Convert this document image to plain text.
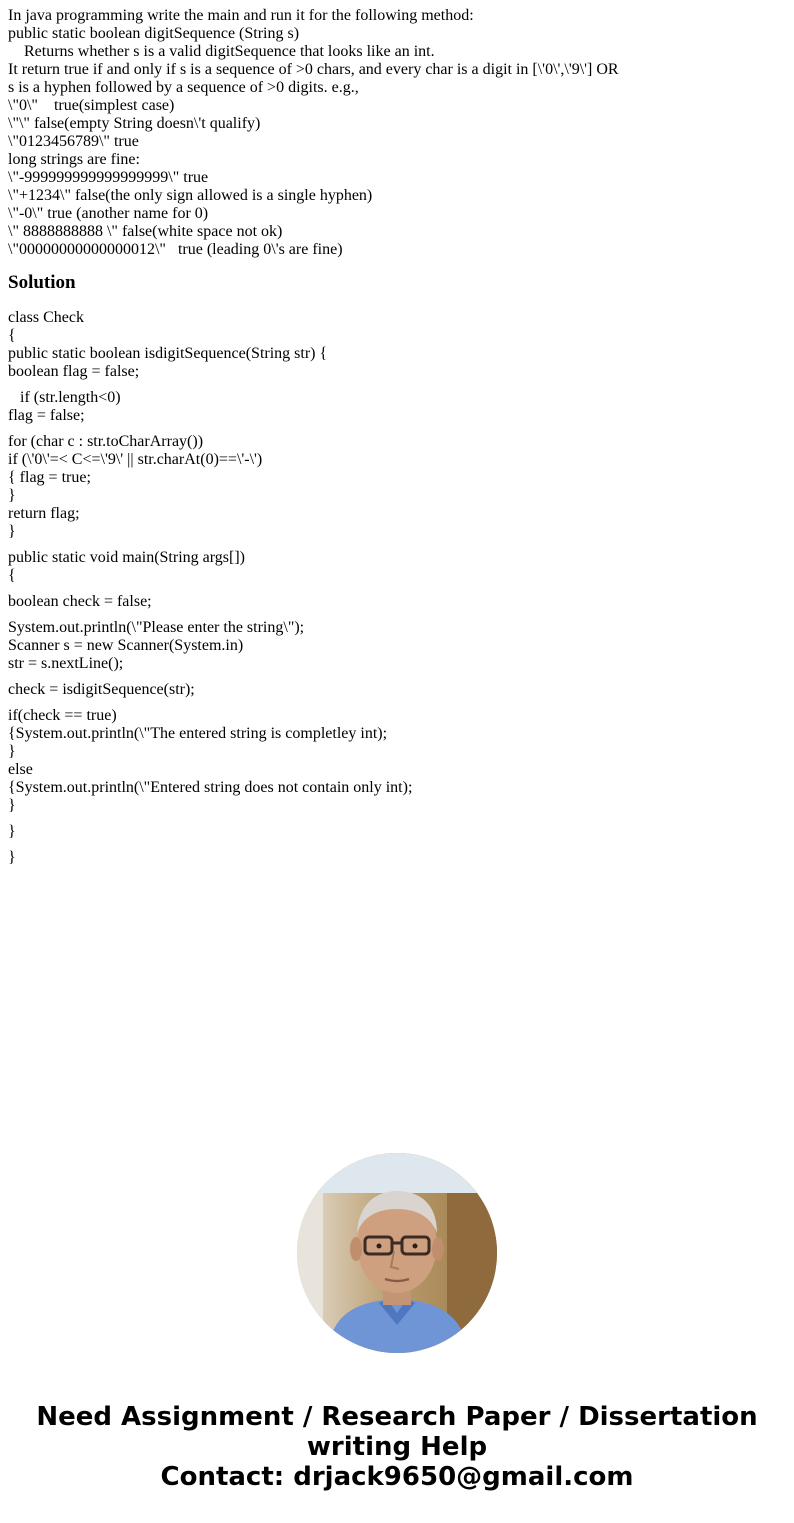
In java programming write the main and run it for the following method:
public static boolean digitSequence (String s)
Returns whether s is a valid digitSequence that looks like an int.
It return true if and only if s is a sequence of >0 chars, and every char is a digit in [\'0\',\'9\'] OR
s is a hyphen followed by a sequence of >0 digits. e.g.,
\"0\"    true(simplest case)
\"\" false(empty String doesn\'t qualify)
\"0123456789\" true
long strings are fine:
\"-999999999999999999\" true
\"+1234\" false(the only sign allowed is a single hyphen)
\"-0\" true (another name for 0)
\" 8888888888 \" false(white space not ok)
\"00000000000000012\"   true (leading 0\'s are fine)
Solution
class Check
{
public static boolean isdigitSequence(String str) {
boolean flag = false;
if (str.length<0)
flag = false;
for (char c : str.toCharArray())
if (\'0\'=< C<=\'9\' || str.charAt(0)==\'-\')
{ flag = true;
}
return flag;
}
public static void main(String args[])
{
boolean check = false;
System.out.println(\"Please enter the string\");
Scanner s = new Scanner(System.in)
str = s.nextLine();
check = isdigitSequence(str);
if(check == true)
{System.out.println(\"The entered string is completley int);
}
else
{System.out.println(\"Entered string does not contain only int);
}
}
}
Need Assignment / Research Paper / Dissertation
writing Help
Contact: drjack9650@gmail.com
